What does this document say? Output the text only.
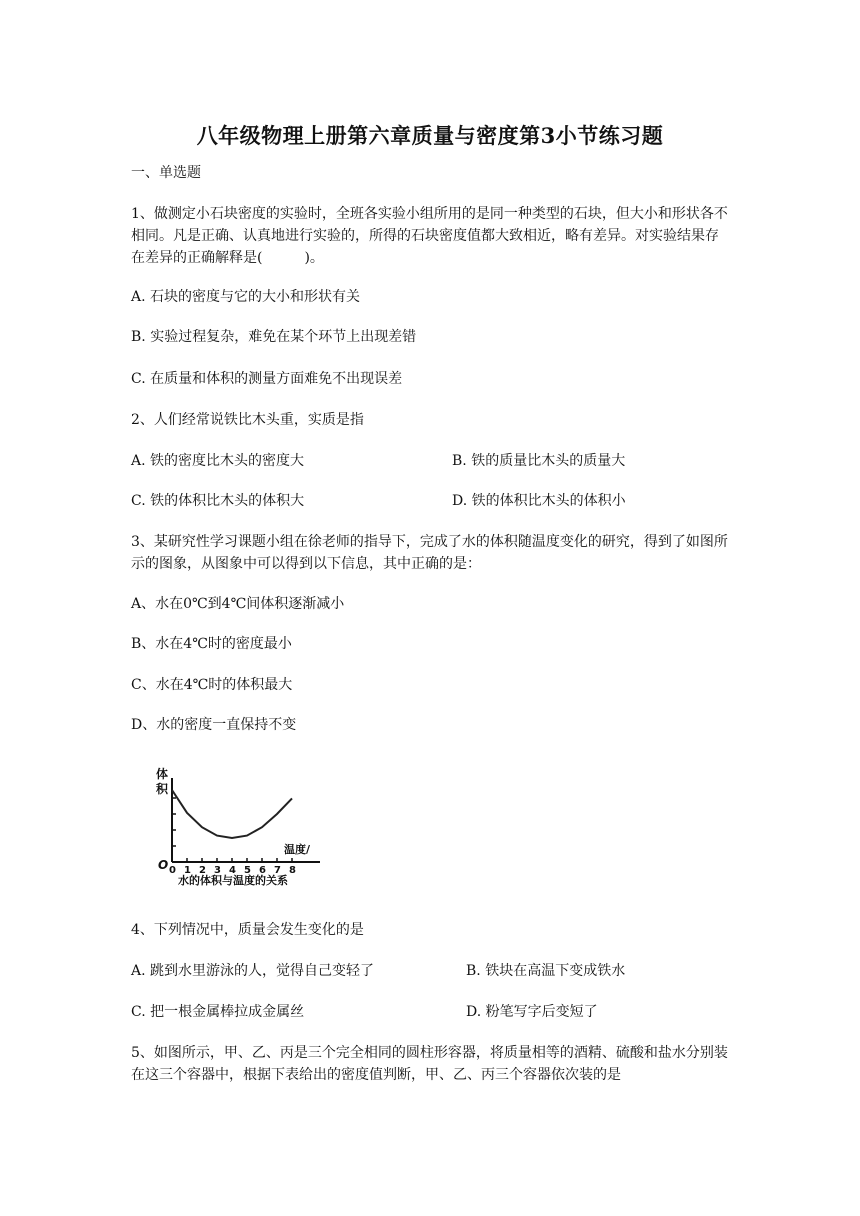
八年级物理上册第六章质量与密度第3小节练习题
一、单选题
1、做测定小石块密度的实验时，全班各实验小组所用的是同一种类型的石块，但大小和形状各不相同。凡是正确、认真地进行实验的，所得的石块密度值都大致相近，略有差异。对实验结果存在差异的正确解释是(　　　)。
A. 石块的密度与它的大小和形状有关
B. 实验过程复杂，难免在某个环节上出现差错
C. 在质量和体积的测量方面难免不出现误差
2、人们经常说铁比木头重，实质是指
A. 铁的密度比木头的密度大	B. 铁的质量比木头的质量大
C. 铁的体积比木头的体积大	D. 铁的体积比木头的体积小
3、某研究性学习课题小组在徐老师的指导下，完成了水的体积随温度变化的研究，得到了如图所示的图象，从图象中可以得到以下信息，其中正确的是：
A、水在0℃到4℃间体积逐渐减小
B、水在4℃时的密度最小
C、水在4℃时的体积最大
D、水的密度一直保持不变
0 1 2 3 4 5 6 7 8
体
积
温度/
O
水的体积与温度的关系
4、下列情况中，质量会发生变化的是
A. 跳到水里游泳的人，觉得自己变轻了	B. 铁块在高温下变成铁水
C. 把一根金属棒拉成金属丝	D. 粉笔写字后变短了
5、如图所示，甲、乙、丙是三个完全相同的圆柱形容器，将质量相等的酒精、硫酸和盐水分别装在这三个容器中，根据下表给出的密度值判断，甲、乙、丙三个容器依次装的是
